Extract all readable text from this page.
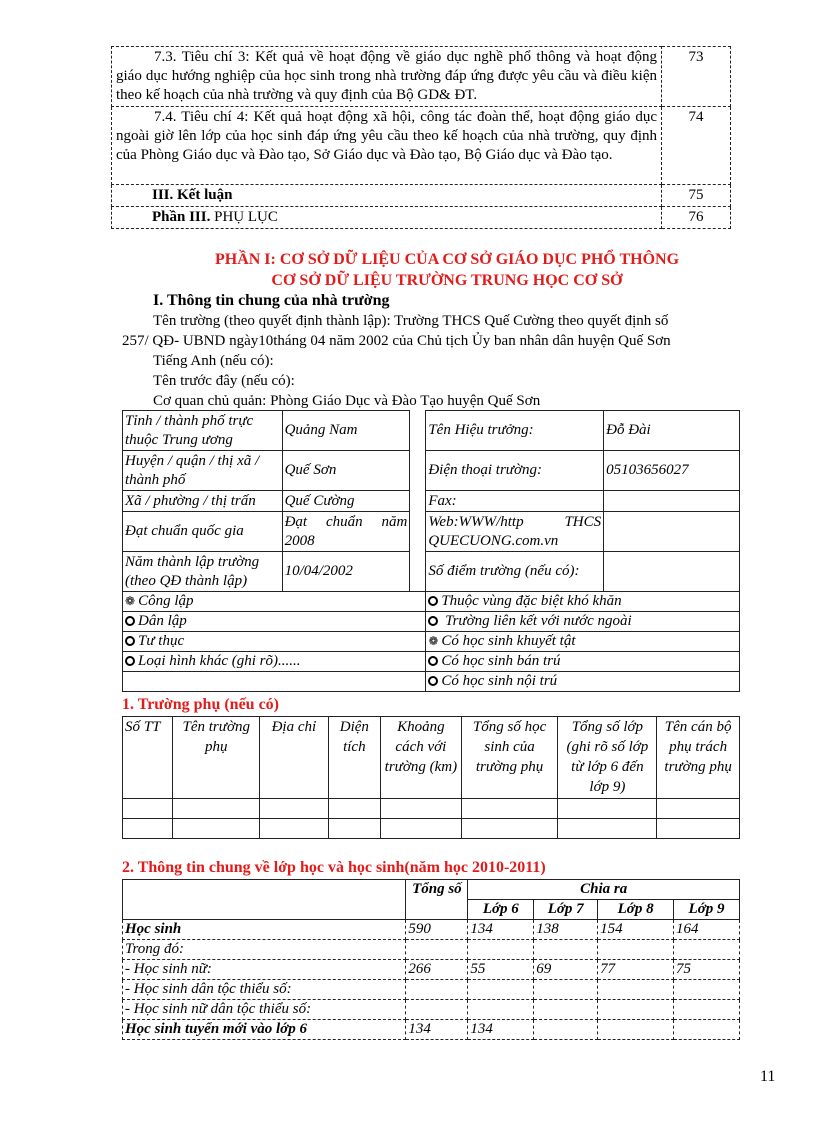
7.3. Tiêu chí 3: Kết quả về hoạt động về giáo dục nghề phổ thông và hoạt động giáo dục hướng nghiệp của học sinh trong nhà trường đáp ứng được yêu cầu và điều kiện theo kế hoạch của nhà trường và quy định của Bộ GD& ĐT.	73
7.4. Tiêu chí 4: Kết quả hoạt động xã hội, công tác đoàn thể, hoạt động giáo dục ngoài giờ lên lớp của học sinh đáp ứng yêu cầu theo kế hoạch của nhà trường, quy định của Phòng Giáo dục và Đào tạo, Sở Giáo dục và Đào tạo, Bộ Giáo dục và Đào tạo.	74
III. Kết luận	75
Phần III. PHỤ LỤC	76
PHẦN I: CƠ SỞ DỮ LIỆU CỦA CƠ SỞ GIÁO DỤC PHỔ THÔNG
CƠ SỞ DỮ LIỆU TRƯỜNG TRUNG HỌC CƠ SỞ
I. Thông tin chung của nhà trường
Tên trường (theo quyết định thành lập): Trường THCS Quế Cường theo quyết định số
257/ QĐ- UBND ngày10tháng 04 năm 2002 của Chủ tịch Ủy ban nhân dân huyện Quế Sơn
Tiếng Anh (nếu có):
Tên trước đây (nếu có):
Cơ quan chủ quản: Phòng Giáo Dục và Đào Tạo huyện Quế Sơn
Tỉnh / thành phố trực thuộc Trung ương	Quảng Nam		Tên Hiệu trưởng:	Đỗ Đài
Huyện / quận / thị xã / thành phố	Quế Sơn		Điện thoại trường:	05103656027
Xã / phường / thị trấn	Quế Cường		Fax:	
Đạt chuẩn quốc gia	Đạt chuẩn năm 2008		Web:WWW/http THCS QUECUONG.com.vn	
Năm thành lập trường (theo QĐ thành lập)	10/04/2002		Số điểm trường (nếu có):	
❁ Công lập			Thuộc vùng đặc biệt khó khăn	
Dân lập			Trường liên kết với nước ngoài	
Tư thục			❁ Có học sinh khuyết tật	
Loại hình khác (ghi rõ)......			Có học sinh bán trú	
			Có học sinh nội trú	
1. Trường phụ (nếu có)
Số TT	Tên trường phụ	Địa chỉ	Diện tích	Khoảng cách với trường (km)	Tổng số học sinh của trường phụ	Tổng số lớp (ghi rõ số lớp từ lớp 6 đến lớp 9)	Tên cán bộ phụ trách trường phụ

2. Thông tin chung về lớp học và học sinh(năm học 2010-2011)
	Tổng số	Chia ra			
		Lớp 6	Lớp 7	Lớp 8	Lớp 9
Học sinh	590	134	138	154	164
Trong đó:					
- Học sinh nữ:	266	55	69	77	75
- Học sinh dân tộc thiểu số:					
- Học sinh nữ dân tộc thiểu số:					
Học sinh tuyển mới vào lớp 6	134	134			
11
